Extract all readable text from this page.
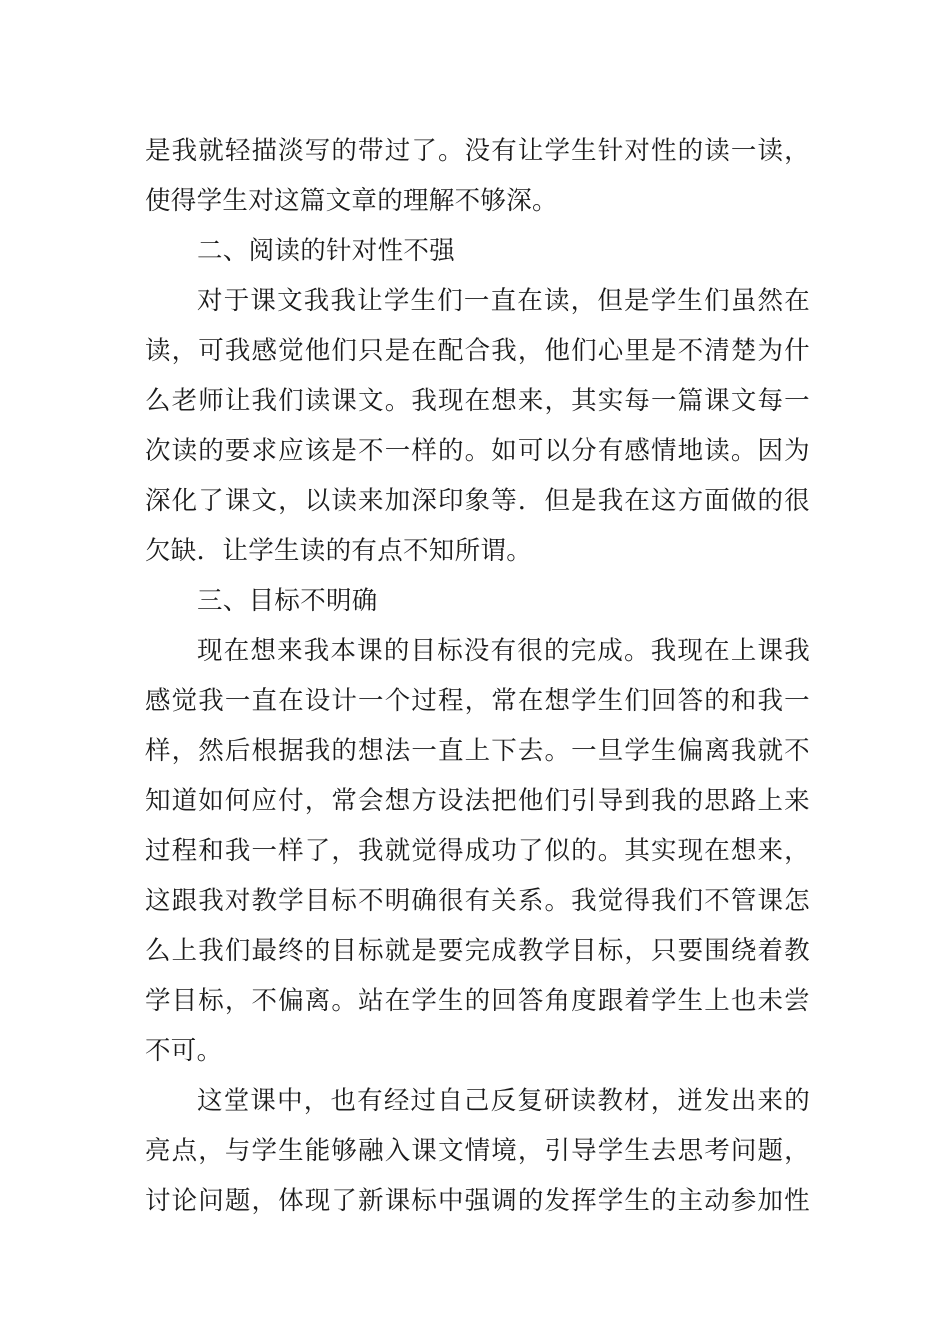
是我就轻描淡写的带过了。没有让学生针对性的读一读，
使得学生对这篇文章的理解不够深。
二、阅读的针对性不强
对于课文我我让学生们一直在读，但是学生们虽然在
读，可我感觉他们只是在配合我，他们心里是不清楚为什
么老师让我们读课文。我现在想来，其实每一篇课文每一
次读的要求应该是不一样的。如可以分有感情地读。因为
深化了课文，以读来加深印象等．但是我在这方面做的很
欠缺．让学生读的有点不知所谓。
三、目标不明确
现在想来我本课的目标没有很的完成。我现在上课我
感觉我一直在设计一个过程，常在想学生们回答的和我一
样，然后根据我的想法一直上下去。一旦学生偏离我就不
知道如何应付，常会想方设法把他们引导到我的思路上来
过程和我一样了，我就觉得成功了似的。其实现在想来，
这跟我对教学目标不明确很有关系。我觉得我们不管课怎
么上我们最终的目标就是要完成教学目标，只要围绕着教
学目标，不偏离。站在学生的回答角度跟着学生上也未尝
不可。
这堂课中，也有经过自己反复研读教材，迸发出来的
亮点，与学生能够融入课文情境，引导学生去思考问题，
讨论问题，体现了新课标中强调的发挥学生的主动参加性
